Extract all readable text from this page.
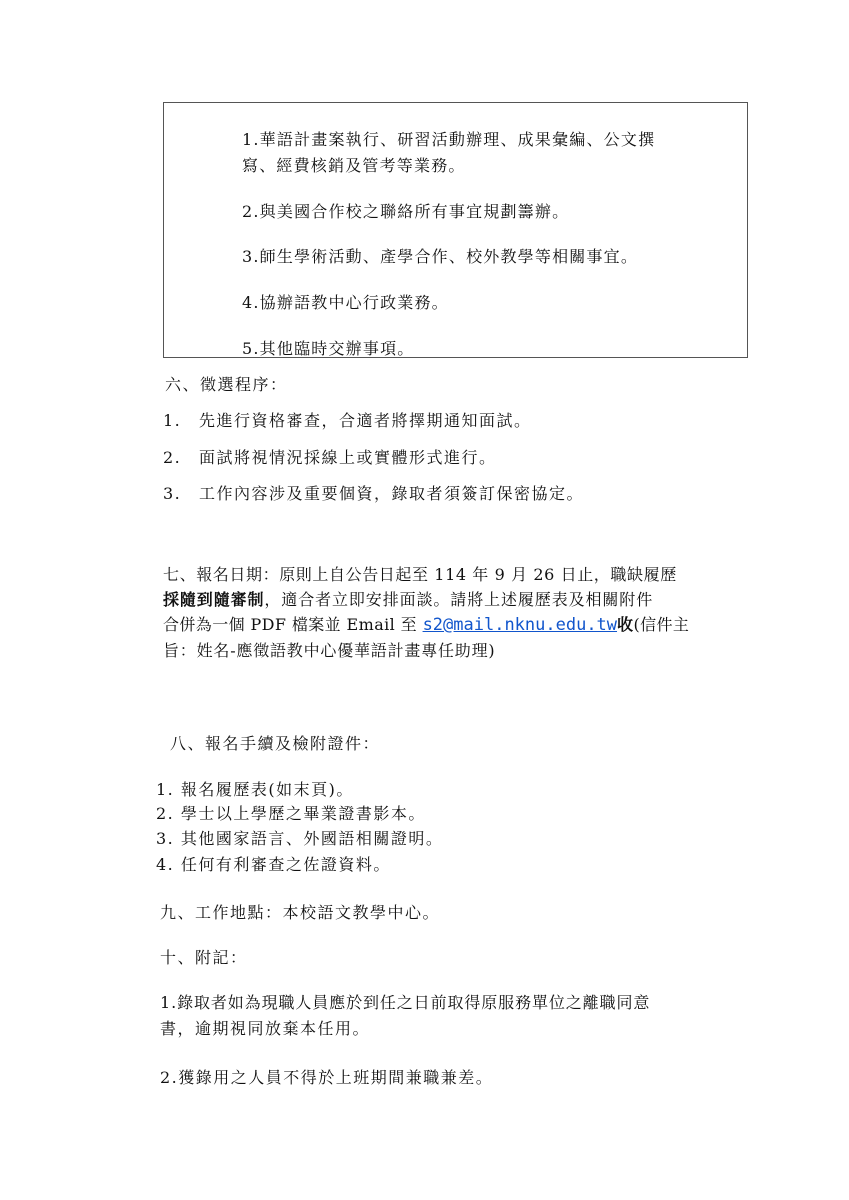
1.華語計畫案執行、研習活動辦理、成果彙編、公文撰
寫、經費核銷及管考等業務。
2.與美國合作校之聯絡所有事宜規劃籌辦。
3.師生學術活動、產學合作、校外教學等相關事宜。
4.協辦語教中心行政業務。
5.其他臨時交辦事項。
六、徵選程序：
1. 先進行資格審查，合適者將擇期通知面試。
2. 面試將視情況採線上或實體形式進行。
3. 工作內容涉及重要個資，錄取者須簽訂保密協定。
七、報名日期：原則上自公告日起至 114 年 9 月 26 日止，職缺履歷
採隨到隨審制，適合者立即安排面談。請將上述履歷表及相關附件
合併為一個 PDF 檔案並 Email 至 s2@mail.nknu.edu.tw收(信件主
旨：姓名-應徵語教中心優華語計畫專任助理)
八、報名手續及檢附證件：
1. 報名履歷表(如末頁)。
2. 學士以上學歷之畢業證書影本。
3. 其他國家語言、外國語相關證明。
4. 任何有利審查之佐證資料。
九、工作地點：本校語文教學中心。
十、附記：
1.錄取者如為現職人員應於到任之日前取得原服務單位之離職同意
書，逾期視同放棄本任用。
2.獲錄用之人員不得於上班期間兼職兼差。
